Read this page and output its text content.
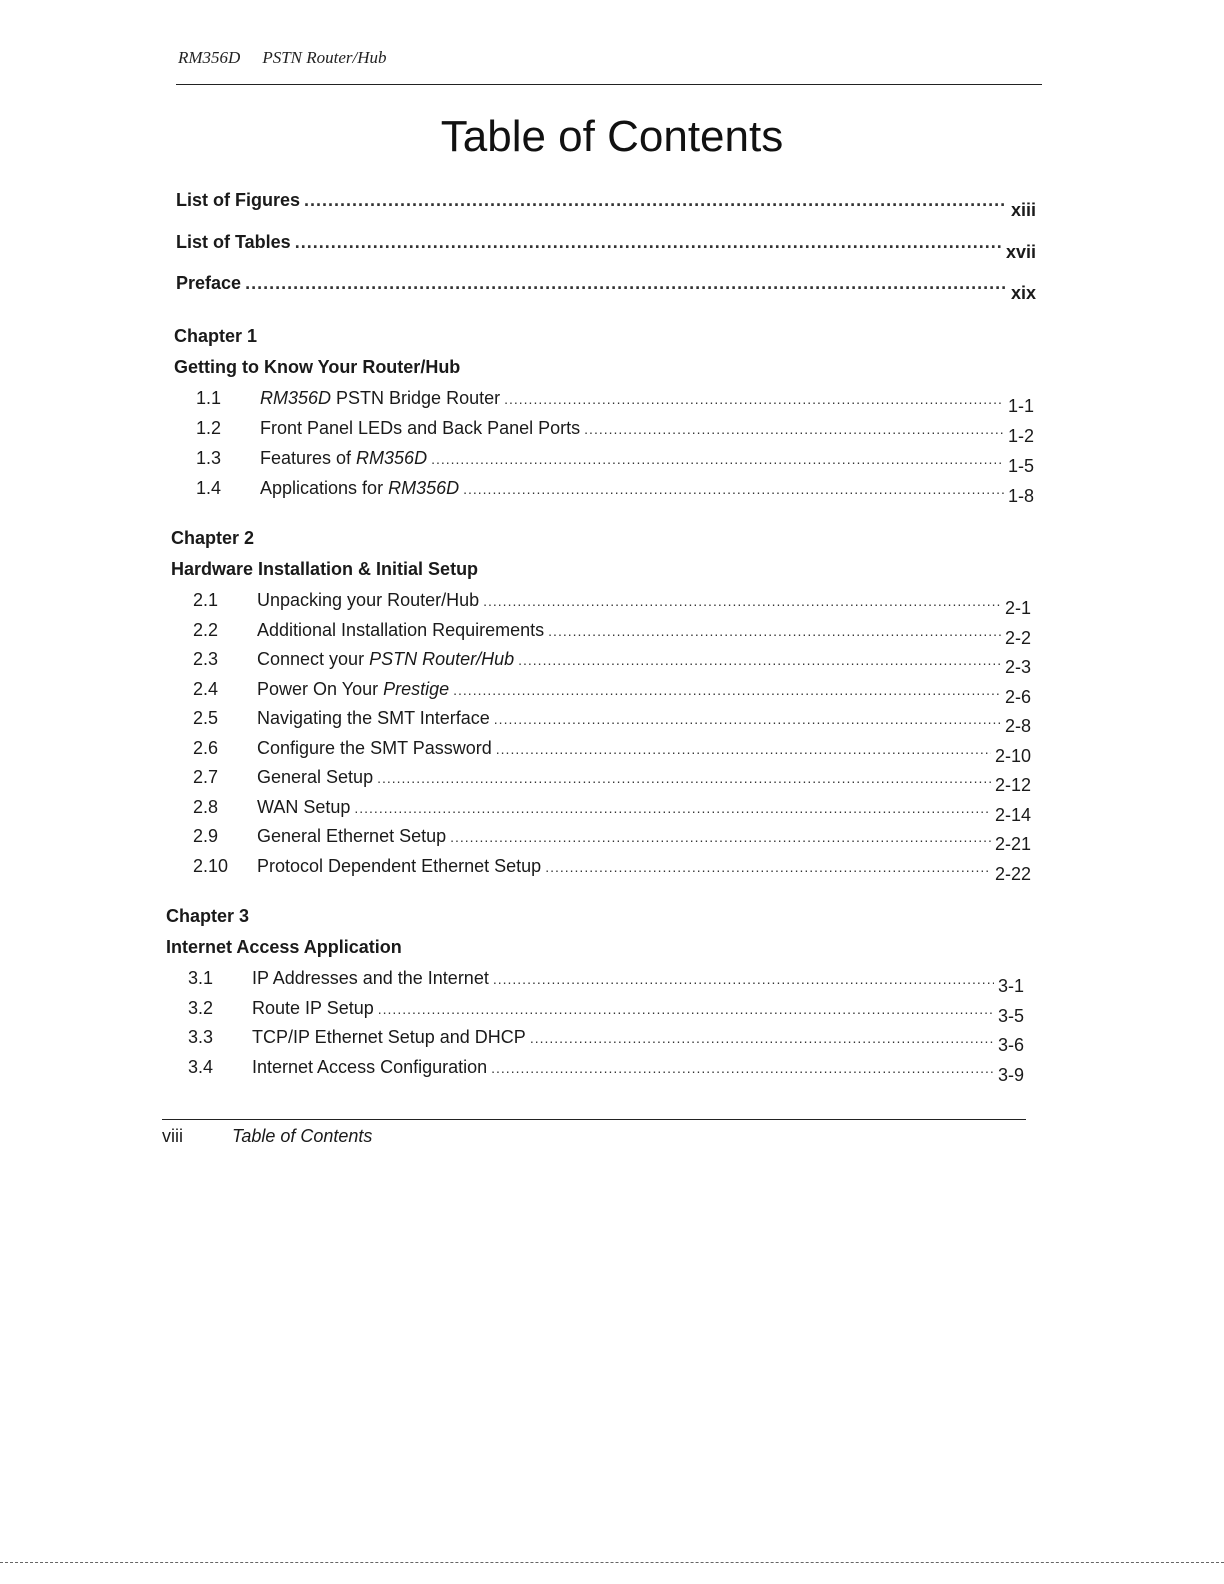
RM356D PSTN Router/Hub
Table of Contents
List of Figures .....	xiii
List of Tables .....	xvii
Preface .....	xix

Chapter 1

Getting to Know Your Router/Hub

1.1	RM356D PSTN Bridge Router .....	1-1
1.2	Front Panel LEDs and Back Panel Ports .....	1-2
1.3	Features of RM356D .....	1-5
1.4	Applications for RM356D .....	1-8

Chapter 2

Hardware Installation & Initial Setup

2.1	Unpacking your Router/Hub .....	2-1
2.2	Additional Installation Requirements .....	2-2
2.3	Connect your PSTN Router/Hub .....	2-3
2.4	Power On Your Prestige .....	2-6
2.5	Navigating the SMT Interface .....	2-8
2.6	Configure the SMT Password .....	2-10
2.7	General Setup .....	2-12
2.8	WAN Setup .....	2-14
2.9	General Ethernet Setup .....	2-21
2.10	Protocol Dependent Ethernet Setup .....	2-22

Chapter 3

Internet Access Application

3.1	IP Addresses and the Internet .....	3-1
3.2	Route IP Setup .....	3-5
3.3	TCP/IP Ethernet Setup and DHCP .....	3-6
3.4	Internet Access Configuration .....	3-9
viii	Table of Contents
